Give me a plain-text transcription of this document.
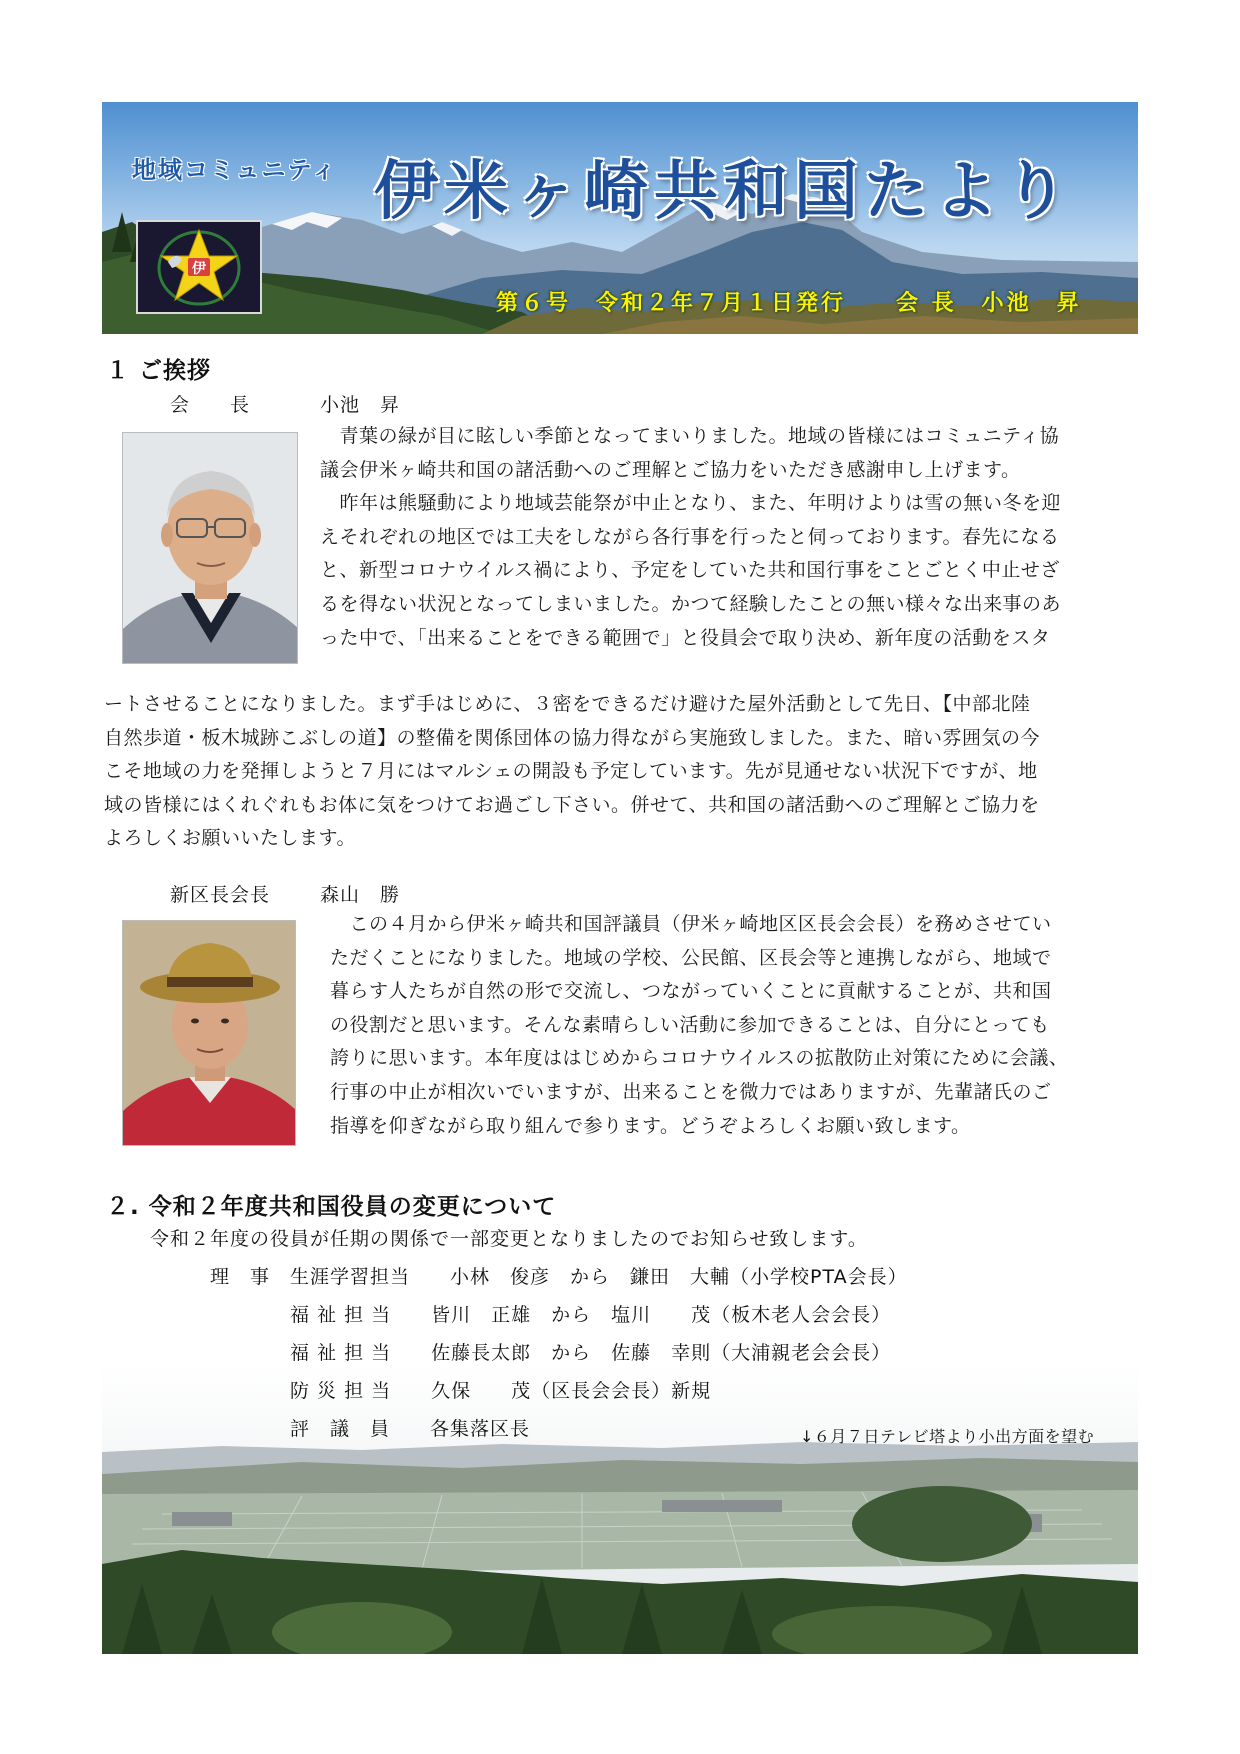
地域コミュニティ 伊米ヶ崎共和国たより
伊
第６号　令和２年７月１日発行　　会 長　小池　昇
１ ご挨拶
会　　長	小池　昇
　青葉の緑が目に眩しい季節となってまいりました。地域の皆様にはコミュニティ協
議会伊米ヶ崎共和国の諸活動へのご理解とご協力をいただき感謝申し上げます。
　昨年は熊騒動により地域芸能祭が中止となり、また、年明けよりは雪の無い冬を迎
えそれぞれの地区では工夫をしながら各行事を行ったと伺っております。春先になる
と、新型コロナウイルス禍により、予定をしていた共和国行事をことごとく中止せざ
るを得ない状況となってしまいました。かつて経験したことの無い様々な出来事のあ
った中で、「出来ることをできる範囲で」と役員会で取り決め、新年度の活動をスタ
ートさせることになりました。まず手はじめに、３密をできるだけ避けた屋外活動として先日、【中部北陸
自然歩道・板木城跡こぶしの道】の整備を関係団体の協力得ながら実施致しました。また、暗い雰囲気の今
こそ地域の力を発揮しようと７月にはマルシェの開設も予定しています。先が見通せない状況下ですが、地
域の皆様にはくれぐれもお体に気をつけてお過ごし下さい。併せて、共和国の諸活動へのご理解とご協力を
よろしくお願いいたします。
新区長会長	森山　勝
　この４月から伊米ヶ崎共和国評議員（伊米ヶ崎地区区長会会長）を務めさせてい
ただくことになりました。地域の学校、公民館、区長会等と連携しながら、地域で
暮らす人たちが自然の形で交流し、つながっていくことに貢献することが、共和国
の役割だと思います。そんな素晴らしい活動に参加できることは、自分にとっても
誇りに思います。本年度ははじめからコロナウイルスの拡散防止対策にために会議、
行事の中止が相次いでいますが、出来ることを微力ではありますが、先輩諸氏のご
指導を仰ぎながら取り組んで参ります。どうぞよろしくお願い致します。
２. 令和２年度共和国役員の変更について
令和２年度の役員が任期の関係で一部変更となりましたのでお知らせ致します。
理　事　生涯学習担当　　小林　俊彦　から　鎌田　大輔（小学校PTA会長）
　　　　福 祉 担 当　　皆川　正雄　から　塩川　　茂（板木老人会会長）
　　　　福 祉 担 当　　佐藤長太郎　から　佐藤　幸則（大浦親老会会長）
　　　　防 災 担 当　　久保　　茂（区長会会長）新規
　　　　評　議　員　　各集落区長	↓６月７日テレビ塔より小出方面を望む
